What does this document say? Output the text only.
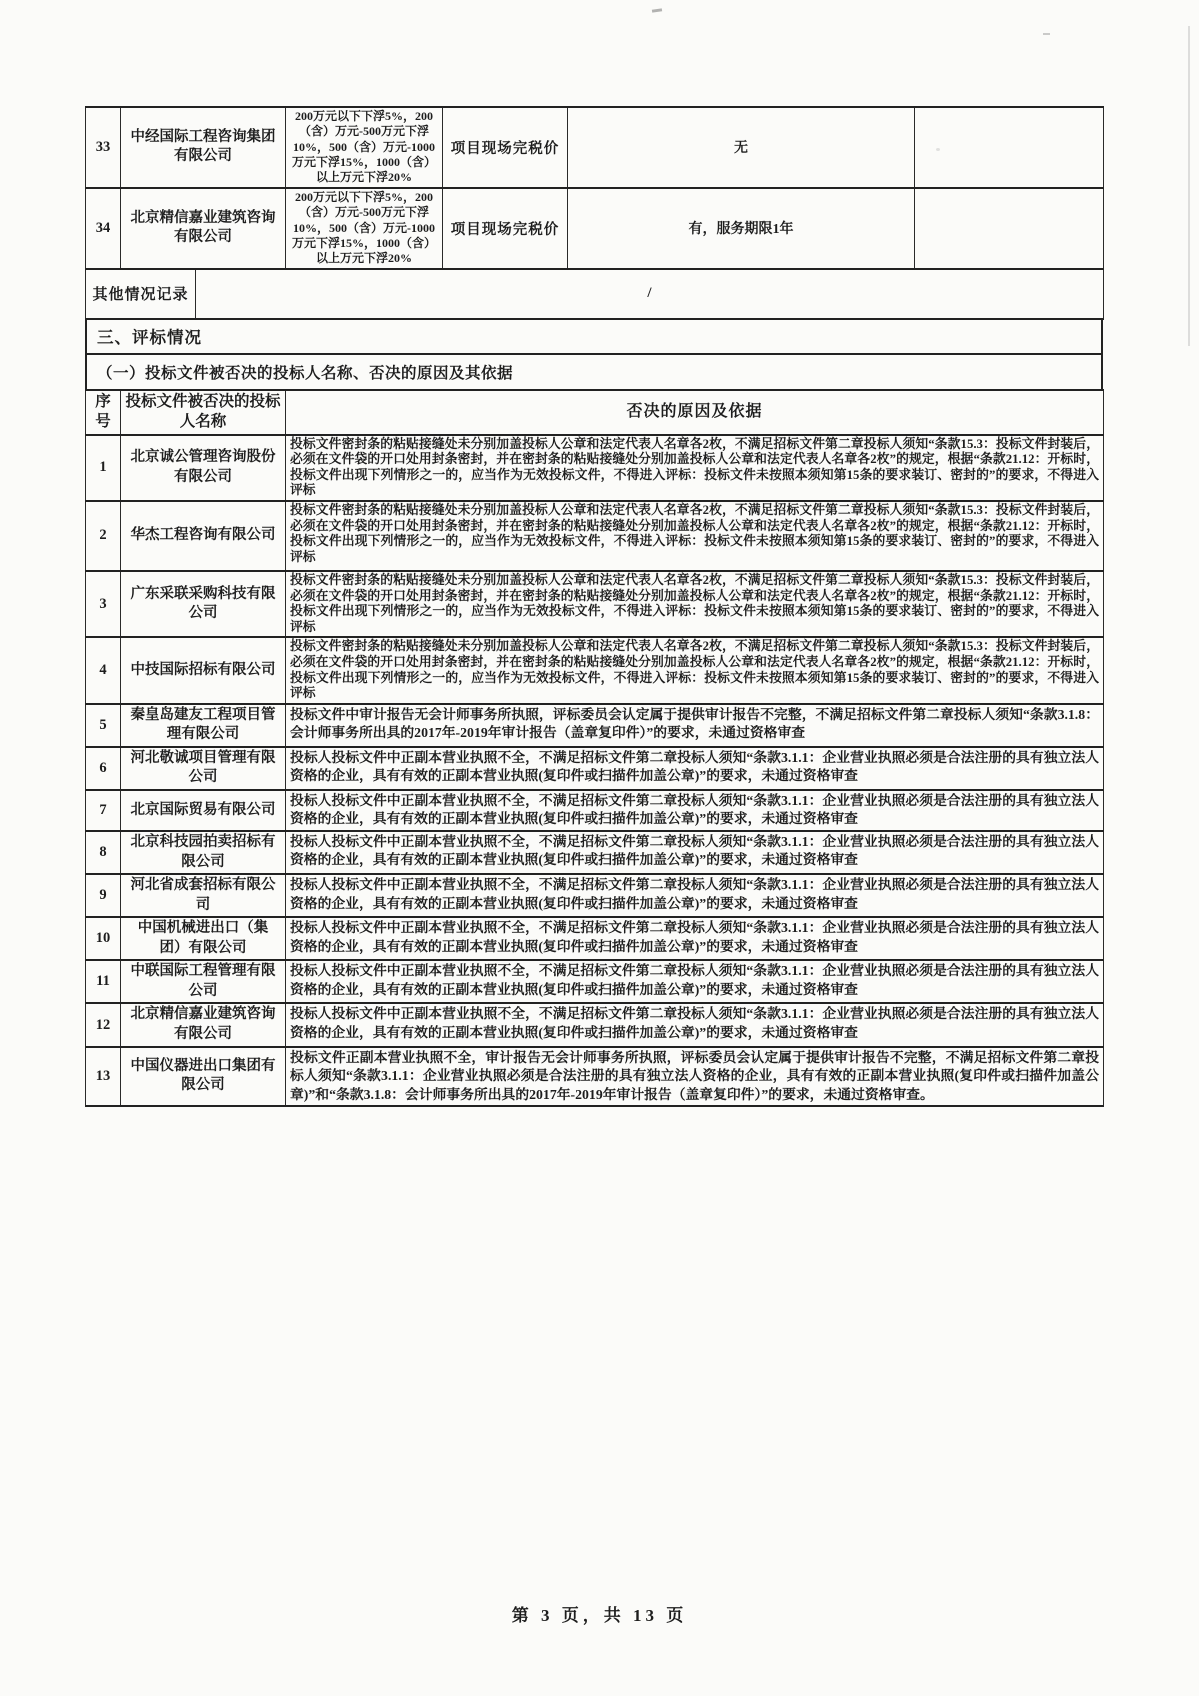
33	中经国际工程咨询集团有限公司	200万元以下下浮5%，200（含）万元-500万元下浮10%，500（含）万元-1000万元下浮15%，1000（含）以上万元下浮20%	项目现场完税价	无	
34	北京精信嘉业建筑咨询有限公司	200万元以下下浮5%，200（含）万元-500万元下浮10%，500（含）万元-1000万元下浮15%，1000（含）以上万元下浮20%	项目现场完税价	有，服务期限1年	
其他情况记录	/
三、评标情况
（一）投标文件被否决的投标人名称、否决的原因及其依据
序号	投标文件被否决的投标人名称	否决的原因及依据
1	北京诚公管理咨询股份有限公司	投标文件密封条的粘贴接缝处未分别加盖投标人公章和法定代表人名章各2枚，不满足招标文件第二章投标人须知“条款15.3：投标文件封装后，必须在文件袋的开口处用封条密封，并在密封条的粘贴接缝处分别加盖投标人公章和法定代表人名章各2枚”的规定，根据“条款21.12：开标时，投标文件出现下列情形之一的，应当作为无效投标文件，不得进入评标：投标文件未按照本须知第15条的要求装订、密封的”的要求，不得进入评标
2	华杰工程咨询有限公司	投标文件密封条的粘贴接缝处未分别加盖投标人公章和法定代表人名章各2枚，不满足招标文件第二章投标人须知“条款15.3：投标文件封装后，必须在文件袋的开口处用封条密封，并在密封条的粘贴接缝处分别加盖投标人公章和法定代表人名章各2枚”的规定，根据“条款21.12：开标时，投标文件出现下列情形之一的，应当作为无效投标文件，不得进入评标：投标文件未按照本须知第15条的要求装订、密封的”的要求，不得进入评标
3	广东采联采购科技有限公司	投标文件密封条的粘贴接缝处未分别加盖投标人公章和法定代表人名章各2枚，不满足招标文件第二章投标人须知“条款15.3：投标文件封装后，必须在文件袋的开口处用封条密封，并在密封条的粘贴接缝处分别加盖投标人公章和法定代表人名章各2枚”的规定，根据“条款21.12：开标时，投标文件出现下列情形之一的，应当作为无效投标文件，不得进入评标：投标文件未按照本须知第15条的要求装订、密封的”的要求，不得进入评标
4	中技国际招标有限公司	投标文件密封条的粘贴接缝处未分别加盖投标人公章和法定代表人名章各2枚，不满足招标文件第二章投标人须知“条款15.3：投标文件封装后，必须在文件袋的开口处用封条密封，并在密封条的粘贴接缝处分别加盖投标人公章和法定代表人名章各2枚”的规定，根据“条款21.12：开标时，投标文件出现下列情形之一的，应当作为无效投标文件，不得进入评标：投标文件未按照本须知第15条的要求装订、密封的”的要求，不得进入评标
5	秦皇岛建友工程项目管理有限公司	投标文件中审计报告无会计师事务所执照，评标委员会认定属于提供审计报告不完整，不满足招标文件第二章投标人须知“条款3.1.8：会计师事务所出具的2017年-2019年审计报告（盖章复印件）”的要求，未通过资格审查
6	河北敬诚项目管理有限公司	投标人投标文件中正副本营业执照不全，不满足招标文件第二章投标人须知“条款3.1.1：企业营业执照必须是合法注册的具有独立法人资格的企业，具有有效的正副本营业执照(复印件或扫描件加盖公章)”的要求，未通过资格审查
7	北京国际贸易有限公司	投标人投标文件中正副本营业执照不全，不满足招标文件第二章投标人须知“条款3.1.1：企业营业执照必须是合法注册的具有独立法人资格的企业，具有有效的正副本营业执照(复印件或扫描件加盖公章)”的要求，未通过资格审查
8	北京科技园拍卖招标有限公司	投标人投标文件中正副本营业执照不全，不满足招标文件第二章投标人须知“条款3.1.1：企业营业执照必须是合法注册的具有独立法人资格的企业，具有有效的正副本营业执照(复印件或扫描件加盖公章)”的要求，未通过资格审查
9	河北省成套招标有限公司	投标人投标文件中正副本营业执照不全，不满足招标文件第二章投标人须知“条款3.1.1：企业营业执照必须是合法注册的具有独立法人资格的企业，具有有效的正副本营业执照(复印件或扫描件加盖公章)”的要求，未通过资格审查
10	中国机械进出口（集团）有限公司	投标人投标文件中正副本营业执照不全，不满足招标文件第二章投标人须知“条款3.1.1：企业营业执照必须是合法注册的具有独立法人资格的企业，具有有效的正副本营业执照(复印件或扫描件加盖公章)”的要求，未通过资格审查
11	中联国际工程管理有限公司	投标人投标文件中正副本营业执照不全，不满足招标文件第二章投标人须知“条款3.1.1：企业营业执照必须是合法注册的具有独立法人资格的企业，具有有效的正副本营业执照(复印件或扫描件加盖公章)”的要求，未通过资格审查
12	北京精信嘉业建筑咨询有限公司	投标人投标文件中正副本营业执照不全，不满足招标文件第二章投标人须知“条款3.1.1：企业营业执照必须是合法注册的具有独立法人资格的企业，具有有效的正副本营业执照(复印件或扫描件加盖公章)”的要求，未通过资格审查
13	中国仪器进出口集团有限公司	投标文件正副本营业执照不全，审计报告无会计师事务所执照，评标委员会认定属于提供审计报告不完整，不满足招标文件第二章投标人须知“条款3.1.1：企业营业执照必须是合法注册的具有独立法人资格的企业，具有有效的正副本营业执照(复印件或扫描件加盖公章)”和“条款3.1.8：会计师事务所出具的2017年-2019年审计报告（盖章复印件）”的要求，未通过资格审查。
第 3 页，共 13 页
